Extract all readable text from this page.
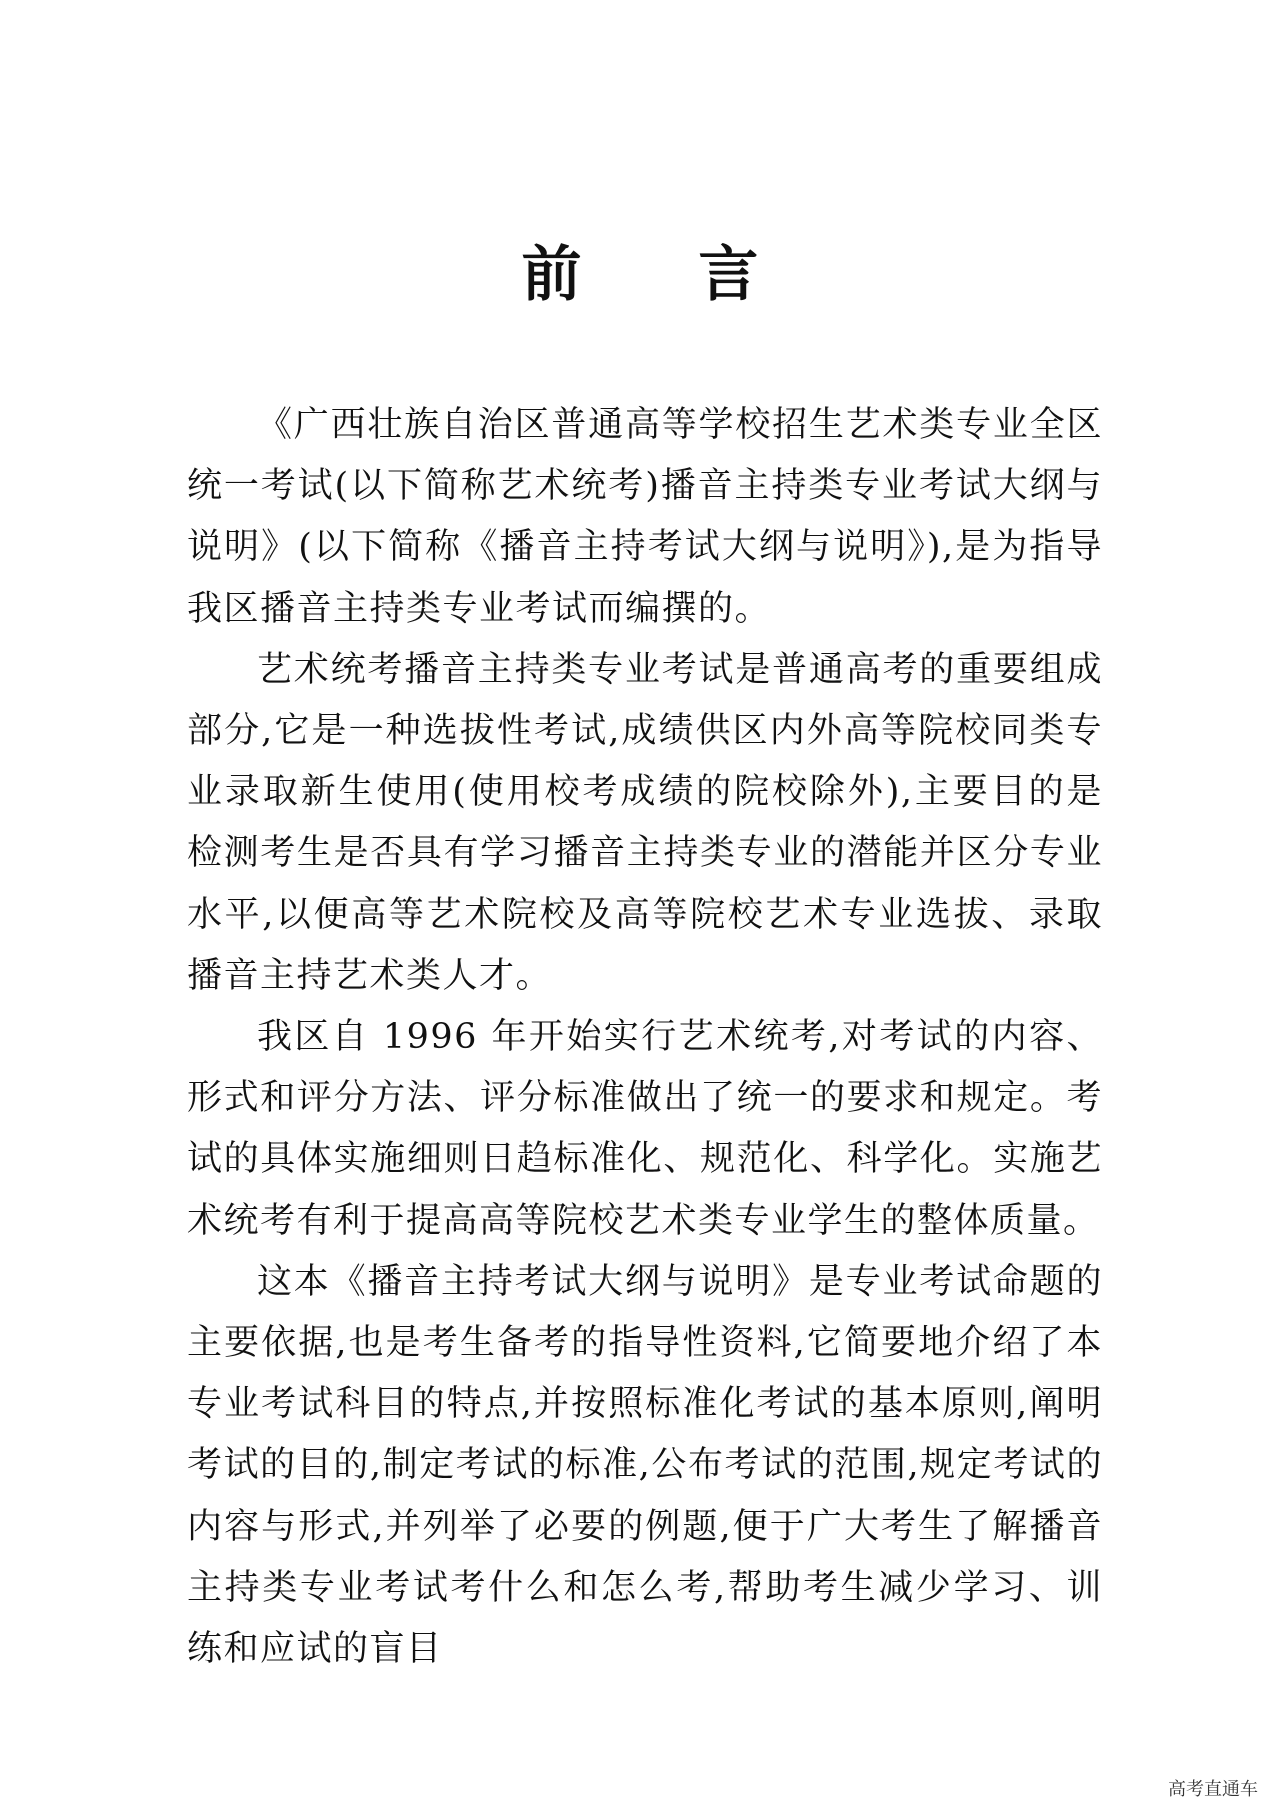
前 言

《广西壮族自治区普通高等学校招生艺术类专业全区统一考试(以下简称艺术统考)播音主持类专业考试大纲与说明》(以下简称《播音主持考试大纲与说明》),是为指导我区播音主持类专业考试而编撰的。

艺术统考播音主持类专业考试是普通高考的重要组成部分,它是一种选拔性考试,成绩供区内外高等院校同类专业录取新生使用(使用校考成绩的院校除外),主要目的是检测考生是否具有学习播音主持类专业的潜能并区分专业水平,以便高等艺术院校及高等院校艺术专业选拔、录取播音主持艺术类人才。

我区自 1996 年开始实行艺术统考,对考试的内容、形式和评分方法、评分标准做出了统一的要求和规定。考试的具体实施细则日趋标准化、规范化、科学化。实施艺术统考有利于提高高等院校艺术类专业学生的整体质量。

这本《播音主持考试大纲与说明》是专业考试命题的主要依据,也是考生备考的指导性资料,它简要地介绍了本专业考试科目的特点,并按照标准化考试的基本原则,阐明考试的目的,制定考试的标准,公布考试的范围,规定考试的内容与形式,并列举了必要的例题,便于广大考生了解播音主持类专业考试考什么和怎么考,帮助考生减少学习、训练和应试的盲目

高考直通车
